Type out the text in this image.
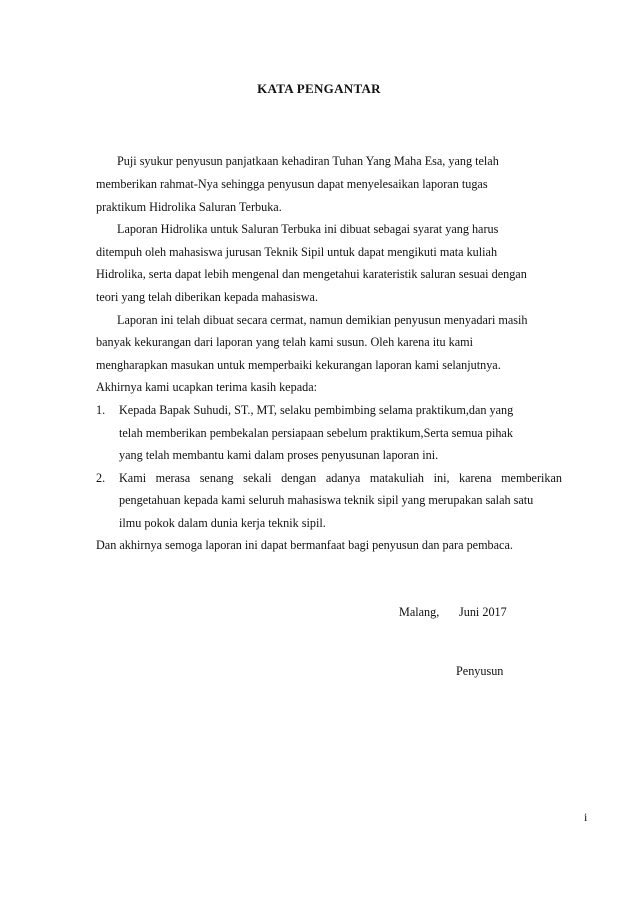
KATA PENGANTAR
Puji syukur penyusun panjatkaan kehadiran Tuhan Yang Maha Esa, yang telah
memberikan rahmat-Nya sehingga penyusun dapat menyelesaikan laporan tugas
praktikum Hidrolika Saluran Terbuka.
Laporan Hidrolika untuk Saluran Terbuka ini dibuat sebagai syarat yang harus
ditempuh oleh mahasiswa jurusan Teknik Sipil untuk dapat mengikuti mata kuliah
Hidrolika, serta dapat lebih mengenal dan mengetahui karateristik saluran sesuai dengan
teori yang telah diberikan kepada mahasiswa.
Laporan ini telah dibuat secara cermat, namun demikian penyusun menyadari masih
banyak kekurangan dari laporan yang telah kami susun. Oleh karena itu kami
mengharapkan masukan untuk memperbaiki kekurangan laporan kami selanjutnya.
Akhirnya kami ucapkan terima kasih kepada:
1. Kepada Bapak Suhudi, ST., MT, selaku pembimbing selama praktikum,dan yang
telah memberikan pembekalan persiapaan sebelum praktikum,Serta semua pihak
yang telah membantu kami dalam proses penyusunan laporan ini.
2. Kami merasa senang sekali dengan adanya matakuliah ini, karena memberikan
pengetahuan kepada kami seluruh mahasiswa teknik sipil yang merupakan salah satu
ilmu pokok dalam dunia kerja teknik sipil.
Dan akhirnya semoga laporan ini dapat bermanfaat bagi penyusun dan para pembaca.
Malang, Juni 2017
Penyusun
i
